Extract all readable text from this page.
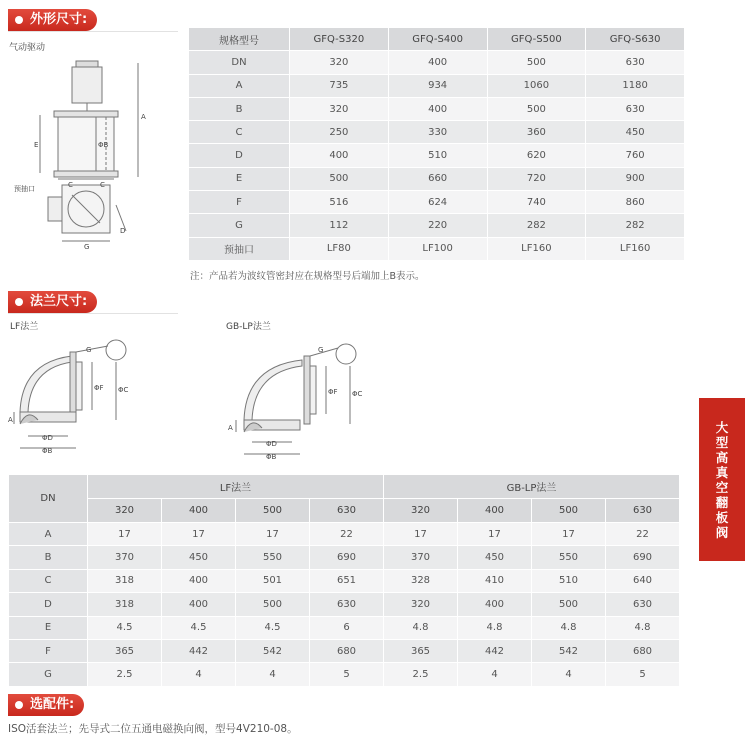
外形尺寸:
气动驱动
A
E	ΦB
C	C
预抽口
G
D
规格型号	GFQ-S320	GFQ-S400	GFQ-S500	GFQ-S630
DN	320	400	500	630
A	735	934	1060	1180
B	320	400	500	630
C	250	330	360	450
D	400	510	620	760
E	500	660	720	900
F	516	624	740	860
G	112	220	282	282
预抽口	LF80	LF100	LF160	LF160
注：产品若为波纹管密封应在规格型号后端加上B表示。
法兰尺寸:
LF法兰	GB-LP法兰
G
ΦF ΦC
A
ΦD
ΦB
G
ΦF ΦC
A
ΦD
ΦB
DN	LF法兰				GB-LP法兰			
	320	400	500	630	320	400	500	630
A	17	17	17	22	17	17	17	22
B	370	450	550	690	370	450	550	690
C	318	400	501	651	328	410	510	640
D	318	400	500	630	320	400	500	630
E	4.5	4.5	4.5	6	4.8	4.8	4.8	4.8
F	365	442	542	680	365	442	542	680
G	2.5	4	4	5	2.5	4	4	5
大
型
高
真
空
翻
板
阀
选配件:
ISO活套法兰；先导式二位五通电磁换向阀，型号4V210-08。
